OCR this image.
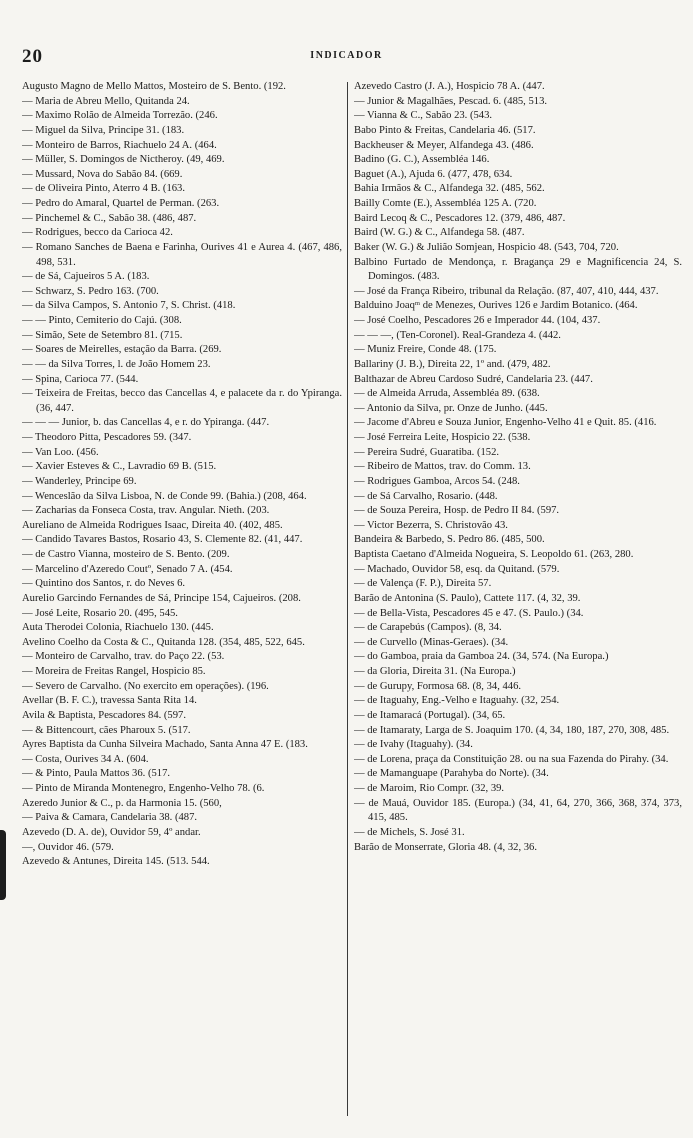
20	INDICADOR
Augusto Magno de Mello Mattos, Mosteiro de S. Bento. (192.
— Maria de Abreu Mello, Quitanda 24.
— Maximo Rolão de Almeida Torrezão. (246.
— Miguel da Silva, Principe 31. (183.
— Monteiro de Barros, Riachuelo 24 A. (464.
— Müller, S. Domingos de Nictheroy. (49, 469.
— Mussard, Nova do Sabão 84. (669.
— de Oliveira Pinto, Aterro 4 B. (163.
— Pedro do Amaral, Quartel de Perman. (263.
— Pinchemel & C., Sabão 38. (486, 487.
— Rodrigues, becco da Carioca 42.
— Romano Sanches de Baena e Farinha, Ourives 41 e Aurea 4. (467, 486, 498, 531.
— de Sá, Cajueiros 5 A. (183.
— Schwarz, S. Pedro 163. (700.
— da Silva Campos, S. Antonio 7, S. Christ. (418.
— — Pinto, Cemiterio do Cajú. (308.
— Simão, Sete de Setembro 81. (715.
— Soares de Meirelles, estação da Barra. (269.
— — da Silva Torres, l. de João Homem 23.
— Spina, Carioca 77. (544.
— Teixeira de Freitas, becco das Cancellas 4, e palacete da r. do Ypiranga. (36, 447.
— — — Junior, b. das Cancellas 4, e r. do Ypiranga. (447.
— Theodoro Pitta, Pescadores 59. (347.
— Van Loo. (456.
— Xavier Esteves & C., Lavradio 69 B. (515.
— Wanderley, Principe 69.
— Wenceslão da Silva Lisboa, N. de Conde 99. (Bahia.) (208, 464.
— Zacharias da Fonseca Costa, trav. Angular. Nieth. (203.
Aureliano de Almeida Rodrigues Isaac, Direita 40. (402, 485.
— Candido Tavares Bastos, Rosario 43, S. Clemente 82. (41, 447.
— de Castro Vianna, mosteiro de S. Bento. (209.
— Marcelino d'Azeredo Coutº, Senado 7 A. (454.
— Quintino dos Santos, r. do Neves 6.
Aurelio Garcindo Fernandes de Sá, Principe 154, Cajueiros. (208.
— José Leite, Rosario 20. (495, 545.
Auta Therodei Colonia, Riachuelo 130. (445.
Avelino Coelho da Costa & C., Quitanda 128. (354, 485, 522, 645.
— Monteiro de Carvalho, trav. do Paço 22. (53.
— Moreira de Freitas Rangel, Hospicio 85.
— Severo de Carvalho. (No exercito em operações). (196.
Avellar (B. F. C.), travessa Santa Rita 14.
Avila & Baptista, Pescadores 84. (597.
— & Bittencourt, cães Pharoux 5. (517.
Ayres Baptista da Cunha Silveira Machado, Santa Anna 47 E. (183.
— Costa, Ourives 34 A. (604.
— & Pinto, Paula Mattos 36. (517.
— Pinto de Miranda Montenegro, Engenho-Velho 78. (6.
Azeredo Junior & C., p. da Harmonia 15. (560,
— Paiva & Camara, Candelaria 38. (487.
Azevedo (D. A. de), Ouvidor 59, 4º andar.
—, Ouvidor 46. (579.
Azevedo & Antunes, Direita 145. (513. 544.
Azevedo Castro (J. A.), Hospicio 78 A. (447.
— Junior & Magalhães, Pescad. 6. (485, 513.
— Vianna & C., Sabão 23. (543.
Babo Pinto & Freitas, Candelaria 46. (517.
Backheuser & Meyer, Alfandega 43. (486.
Badino (G. C.), Assembléa 146.
Baguet (A.), Ajuda 6. (477, 478, 634.
Bahia Irmãos & C., Alfandega 32. (485, 562.
Bailly Comte (E.), Assembléa 125 A. (720.
Baird Lecoq & C., Pescadores 12. (379, 486, 487.
Baird (W. G.) & C., Alfandega 58. (487.
Baker (W. G.) & Julião Somjean, Hospicio 48. (543, 704, 720.
Balbino Furtado de Mendonça, r. Bragança 29 e Magnificencia 24, S. Domingos. (483.
— José da França Ribeiro, tribunal da Relação. (87, 407, 410, 444, 437.
Balduino Joaqᵐ de Menezes, Ourives 126 e Jardim Botanico. (464.
— José Coelho, Pescadores 26 e Imperador 44. (104, 437.
— — —, (Ten-Coronel). Real-Grandeza 4. (442.
— Muniz Freire, Conde 48. (175.
Ballariny (J. B.), Direita 22, 1º and. (479, 482.
Balthazar de Abreu Cardoso Sudré, Candelaria 23. (447.
— de Almeida Arruda, Assembléa 89. (638.
— Antonio da Silva, pr. Onze de Junho. (445.
— Jacome d'Abreu e Souza Junior, Engenho-Velho 41 e Quit. 85. (416.
— José Ferreira Leite, Hospicio 22. (538.
— Pereira Sudré, Guaratiba. (152.
— Ribeiro de Mattos, trav. do Comm. 13.
— Rodrigues Gamboa, Arcos 54. (248.
— de Sá Carvalho, Rosario. (448.
— de Souza Pereira, Hosp. de Pedro II 84. (597.
— Victor Bezerra, S. Christovão 43.
Bandeira & Barbedo, S. Pedro 86. (485, 500.
Baptista Caetano d'Almeida Nogueira, S. Leopoldo 61. (263, 280.
— Machado, Ouvidor 58, esq. da Quitand. (579.
— de Valença (F. P.), Direita 57.
Barão de Antonina (S. Paulo), Cattete 117. (4, 32, 39.
— de Bella-Vista, Pescadores 45 e 47. (S. Paulo.) (34.
— de Carapebús (Campos). (8, 34.
— de Curvello (Minas-Geraes). (34.
— do Gamboa, praia da Gamboa 24. (34, 574. (Na Europa.)
— da Gloria, Direita 31. (Na Europa.)
— de Gurupy, Formosa 68. (8, 34, 446.
— de Itaguahy, Eng.-Velho e Itaguahy. (32, 254.
— de Itamaracá (Portugal). (34, 65.
— de Itamaraty, Larga de S. Joaquim 170. (4, 34, 180, 187, 270, 308, 485.
— de Ivahy (Itaguahy). (34.
— de Lorena, praça da Constituição 28. ou na sua Fazenda do Pirahy. (34.
— de Mamanguape (Parahyba do Norte). (34.
— de Maroim, Rio Compr. (32, 39.
— de Mauá, Ouvidor 185. (Europa.) (34, 41, 64, 270, 366, 368, 374, 373, 415, 485.
— de Michels, S. José 31.
Barão de Monserrate, Gloria 48. (4, 32, 36.
